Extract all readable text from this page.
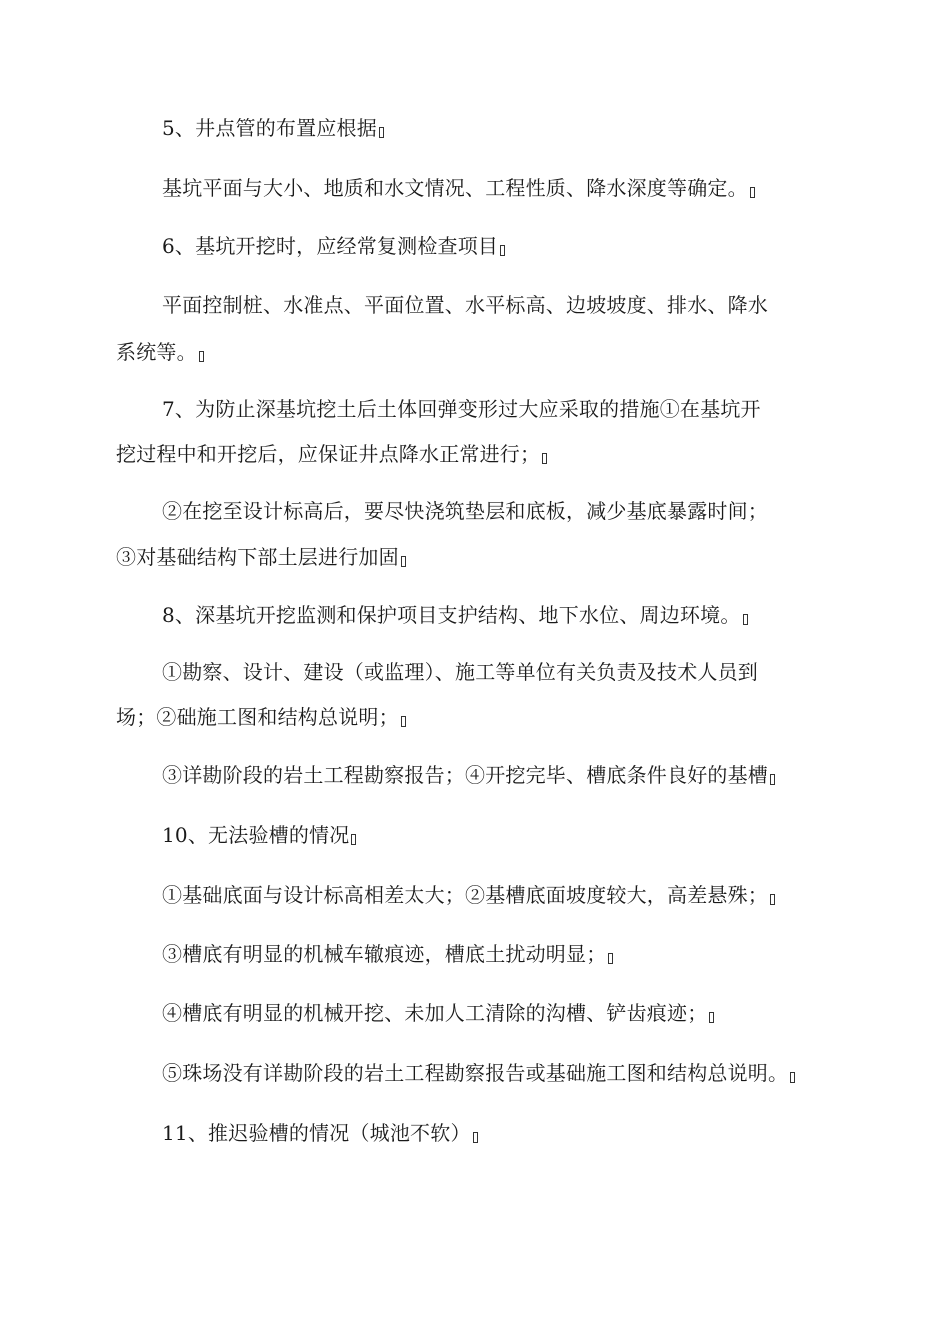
5、井点管的布置应根据
基坑平面与大小、地质和水文情况、工程性质、降水深度等确定。
6、基坑开挖时，应经常复测检查项目
平面控制桩、水准点、平面位置、水平标高、边坡坡度、排水、降水
系统等。
7、为防止深基坑挖土后土体回弹变形过大应采取的措施①在基坑开
挖过程中和开挖后，应保证井点降水正常进行；
②在挖至设计标高后，要尽快浇筑垫层和底板，减少基底暴露时间；
③对基础结构下部土层进行加固
8、深基坑开挖监测和保护项目支护结构、地下水位、周边环境。
①勘察、设计、建设（或监理）、施工等单位有关负责及技术人员到
场；②础施工图和结构总说明；
③详勘阶段的岩土工程勘察报告；④开挖完毕、槽底条件良好的基槽
10、无法验槽的情况
①基础底面与设计标高相差太大；②基槽底面坡度较大，高差悬殊；
③槽底有明显的机械车辙痕迹，槽底土扰动明显；
④槽底有明显的机械开挖、未加人工清除的沟槽、铲齿痕迹；
⑤珠场没有详勘阶段的岩土工程勘察报告或基础施工图和结构总说明。
11、推迟验槽的情况（城池不软）
